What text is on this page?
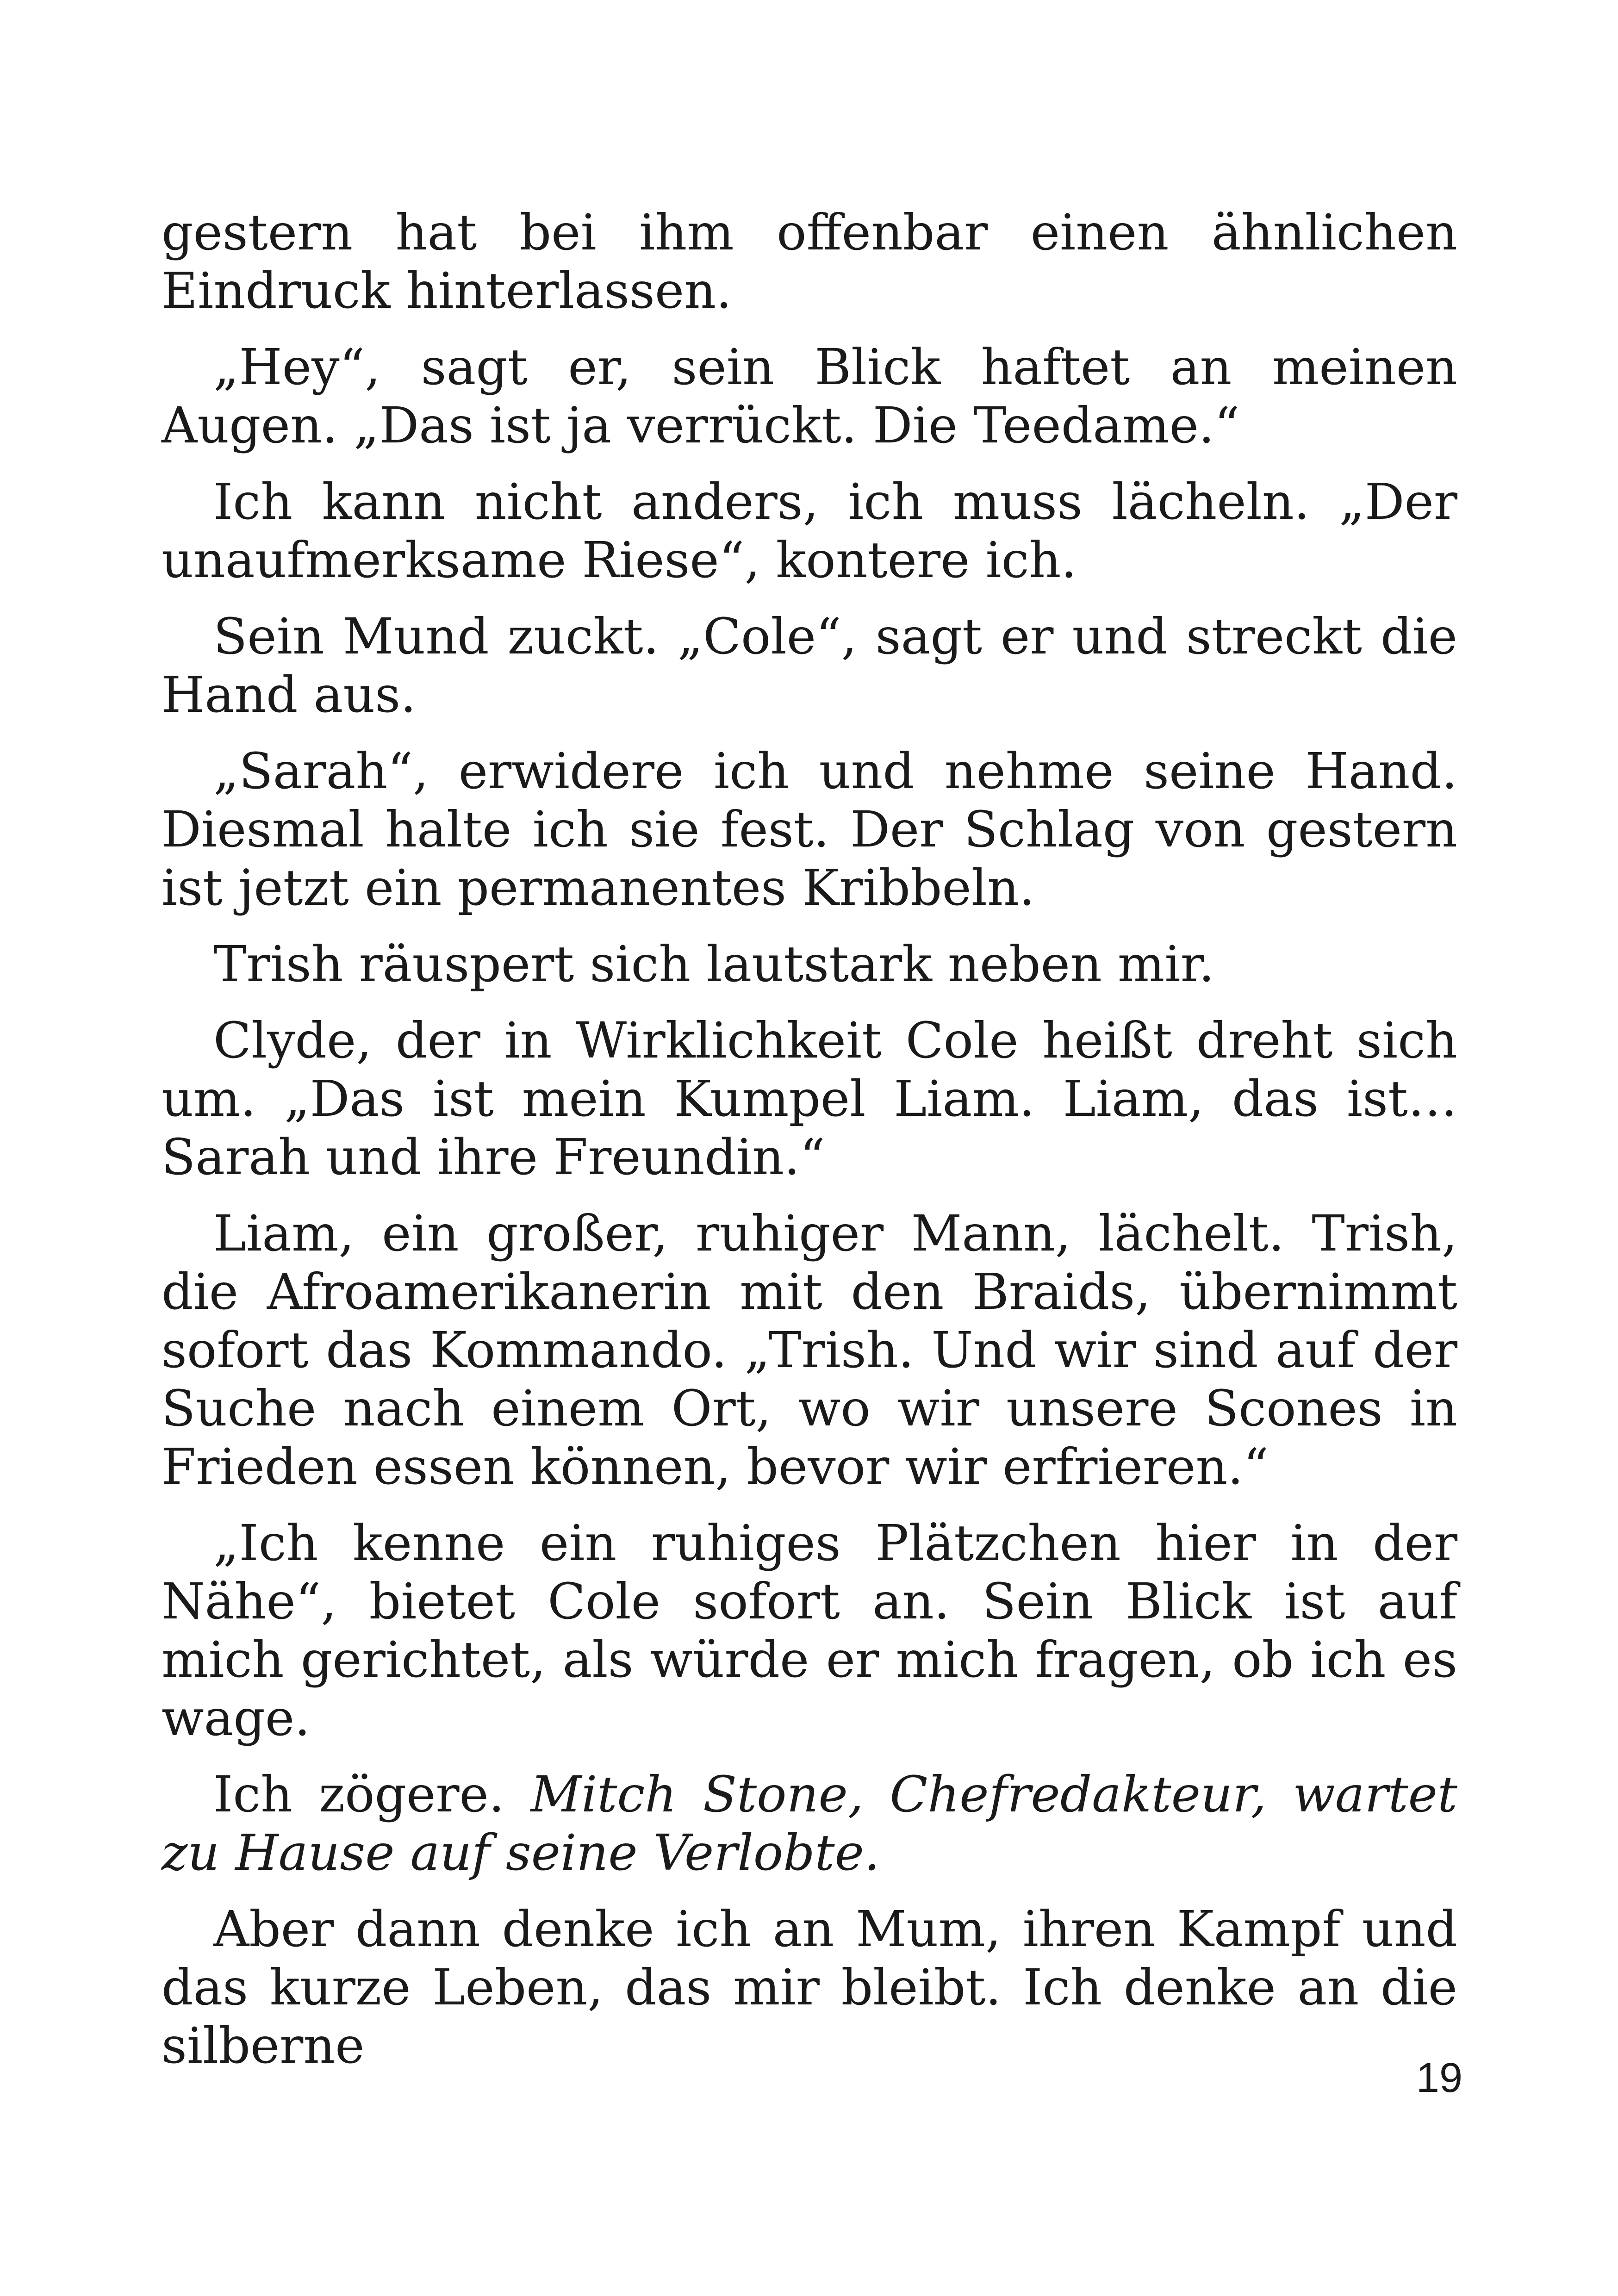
gestern hat bei ihm offenbar einen ähnlichen Eindruck hinterlassen.

„Hey“, sagt er, sein Blick haftet an meinen Augen. „Das ist ja verrückt. Die Teedame.“

Ich kann nicht anders, ich muss lächeln. „Der unaufmerksame Riese“, kontere ich.

Sein Mund zuckt. „Cole“, sagt er und streckt die Hand aus.

„Sarah“, erwidere ich und nehme seine Hand. Diesmal halte ich sie fest. Der Schlag von gestern ist jetzt ein permanentes Kribbeln.

Trish räuspert sich lautstark neben mir.

Clyde, der in Wirklichkeit Cole heißt dreht sich um. „Das ist mein Kumpel Liam. Liam, das ist… Sarah und ihre Freundin.“

Liam, ein großer, ruhiger Mann, lächelt. Trish, die Afroamerikanerin mit den Braids, übernimmt sofort das Kommando. „Trish. Und wir sind auf der Suche nach einem Ort, wo wir unsere Scones in Frieden essen können, bevor wir erfrieren.“

„Ich kenne ein ruhiges Plätzchen hier in der Nähe“, bietet Cole sofort an. Sein Blick ist auf mich gerichtet, als würde er mich fragen, ob ich es wage.

Ich zögere. Mitch Stone, Chefredakteur, wartet zu Hause auf seine Verlobte.

Aber dann denke ich an Mum, ihren Kampf und das kurze Leben, das mir bleibt. Ich denke an die silberne

19
